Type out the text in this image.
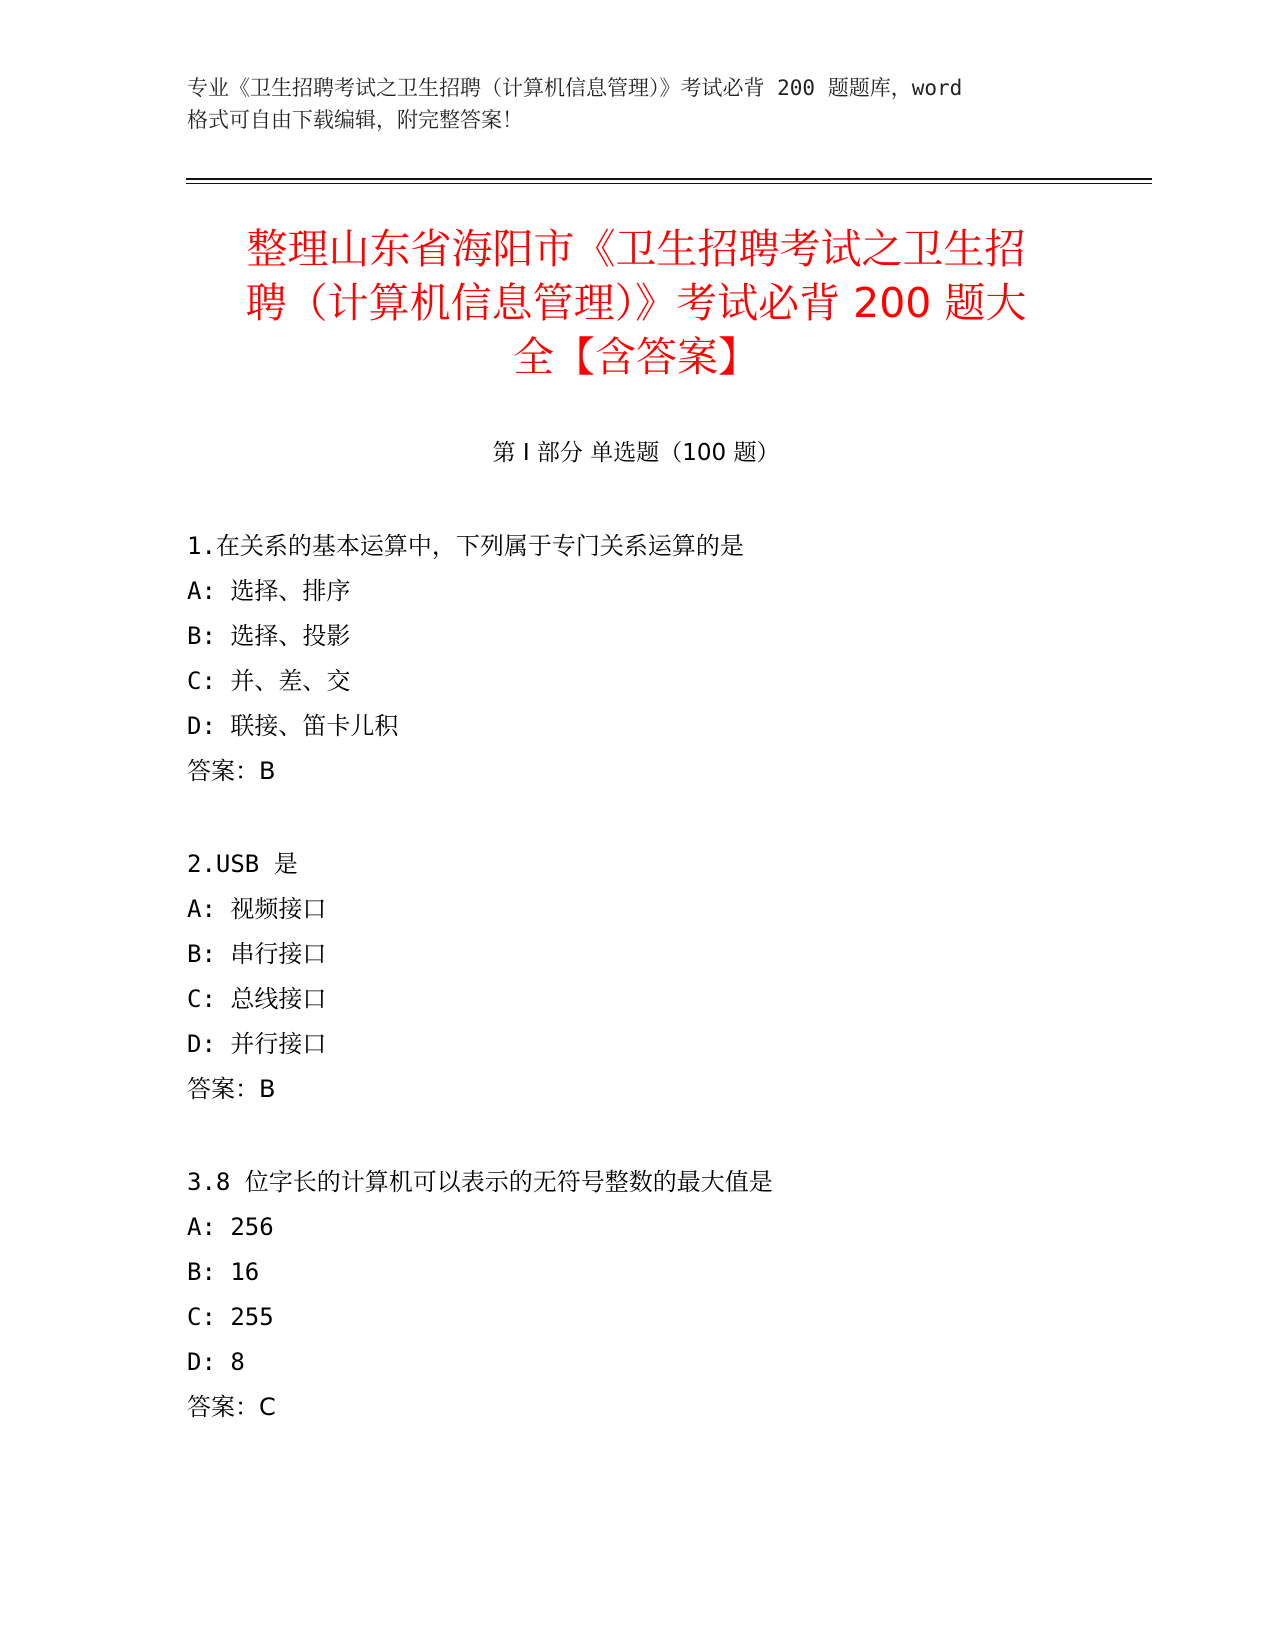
专业《卫生招聘考试之卫生招聘（计算机信息管理）》考试必背 200 题题库，word
格式可自由下载编辑，附完整答案！
整理山东省海阳市《卫生招聘考试之卫生招
聘（计算机信息管理）》考试必背 200 题大
全【含答案】
第 I 部分 单选题（100 题）
1.在关系的基本运算中，下列属于专门关系运算的是
A: 选择、排序
B: 选择、投影
C: 并、差、交
D: 联接、笛卡儿积
答案：B
2.USB 是
A: 视频接口
B: 串行接口
C: 总线接口
D: 并行接口
答案：B
3.8 位字长的计算机可以表示的无符号整数的最大值是
A: 256
B: 16
C: 255
D: 8
答案：C
